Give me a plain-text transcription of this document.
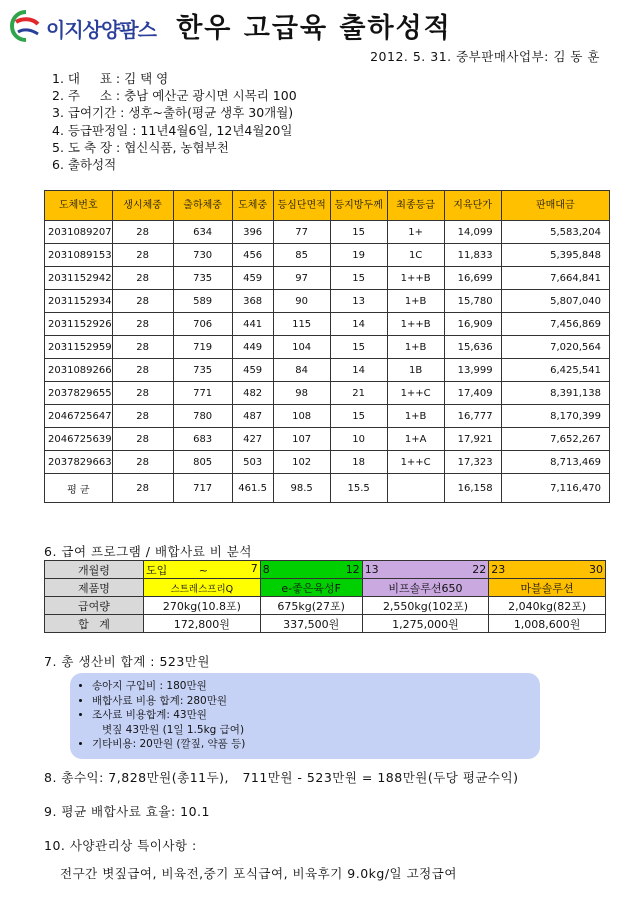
이지상양팜스 한우 고급육 출하성적
2012. 5. 31. 중부판매사업부: 김 동 훈
1. 대     표 : 김 택 영
2. 주     소 : 충남 예산군 광시면 시목리 100
3. 급여기간 : 생후~출하(평균 생후 30개월)
4. 등급판정일 : 11년4월6일, 12년4월20일
5. 도 축 장 : 협신식품, 농협부천
6. 출하성적
도체번호	생시체중	출하체중	도체중	등심단면적	등지방두께	최종등급	지육단가	판매대금
2031089207	28	634	396	77	15	1+	14,099	5,583,204
2031089153	28	730	456	85	19	1C	11,833	5,395,848
2031152942	28	735	459	97	15	1++B	16,699	7,664,841
2031152934	28	589	368	90	13	1+B	15,780	5,807,040
2031152926	28	706	441	115	14	1++B	16,909	7,456,869
2031152959	28	719	449	104	15	1+B	15,636	7,020,564
2031089266	28	735	459	84	14	1B	13,999	6,425,541
2037829655	28	771	482	98	21	1++C	17,409	8,391,138
2046725647	28	780	487	108	15	1+B	16,777	8,170,399
2046725639	28	683	427	107	10	1+A	17,921	7,652,267
2037829663	28	805	503	102	18	1++C	17,323	8,713,469
평 균	28	717	461.5	98.5	15.5		16,158	7,116,470
6. 급여 프로그램 / 배합사료 비 분석
개월령	도입 ~ 7	8 12	13 22	23 30

제품명	스트레스프리Q	e-좋은육성F	비프솔루션650	마블솔루션
급여량	270kg(10.8포)	675kg(27포)	2,550kg(102포)	2,040kg(82포)
합   계	172,800원	337,500원	1,275,000원	1,008,600원
7. 총 생산비 합계 : 523만원
• 송아지 구입비 : 180만원
• 배합사료 비용 합계: 280만원
• 조사료 비용합계: 43만원
볏짚 43만원 (1일 1.5kg 급여)
• 기타비용: 20만원 (깔짚, 약품 등)
8. 총수익: 7,828만원(총11두),   711만원 - 523만원 = 188만원(두당 평균수익)
9. 평균 배합사료 효율: 10.1
10. 사양관리상 특이사항 :
전구간 볏짚급여, 비육전,중기 포식급여, 비육후기 9.0kg/일 고정급여
